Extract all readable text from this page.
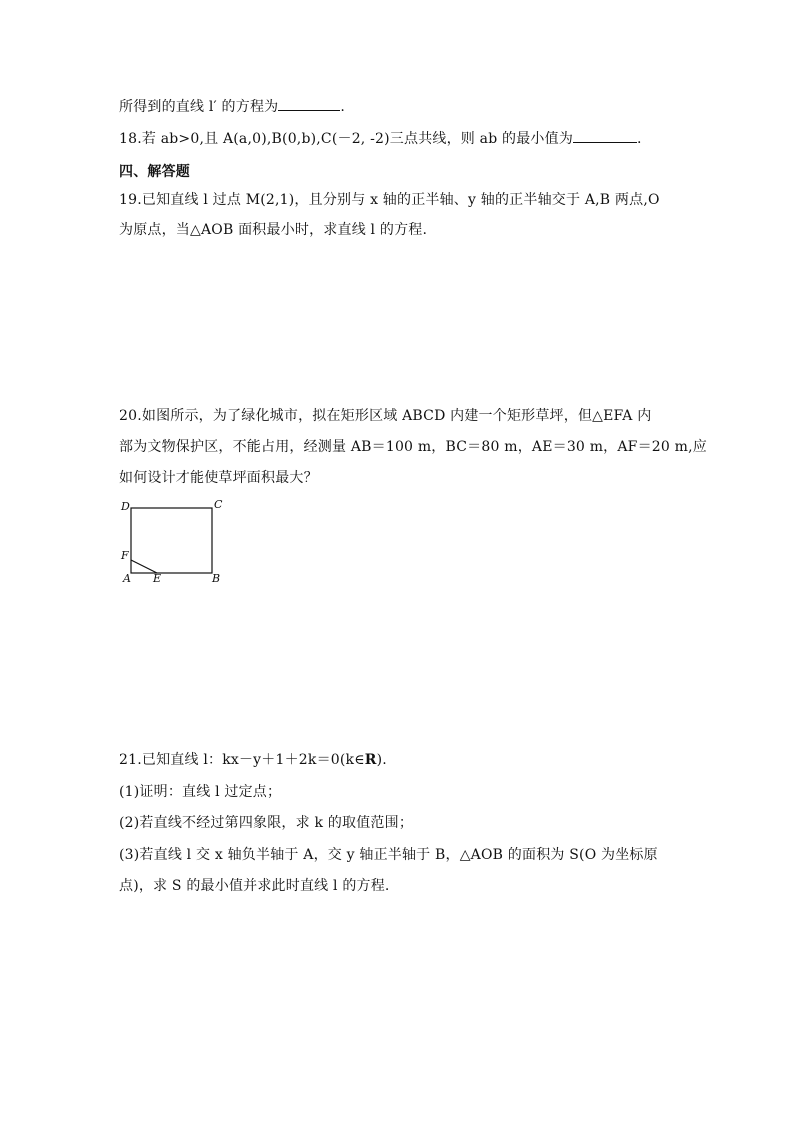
所得到的直线 l′ 的方程为	.
18.若 ab>0,且 A(a,0),B(0,b),C(－2, -2)三点共线，则 ab 的最小值为	.
四、解答题
19.已知直线 l 过点 M(2,1)，且分别与 x 轴的正半轴、y 轴的正半轴交于 A,B 两点,O
为原点，当△AOB 面积最小时，求直线 l 的方程.
20.如图所示，为了绿化城市，拟在矩形区域 ABCD 内建一个矩形草坪，但△EFA 内
部为文物保护区，不能占用，经测量 AB＝100 m，BC＝80 m，AE＝30 m，AF＝20 m,应
如何设计才能使草坪面积最大？
D	C
F
A E	B
21.已知直线 l：kx－y＋1＋2k＝0(k∈R).
(1)证明：直线 l 过定点；
(2)若直线不经过第四象限，求 k 的取值范围；
(3)若直线 l 交 x 轴负半轴于 A，交 y 轴正半轴于 B，△AOB 的面积为 S(O 为坐标原
点)，求 S 的最小值并求此时直线 l 的方程.
